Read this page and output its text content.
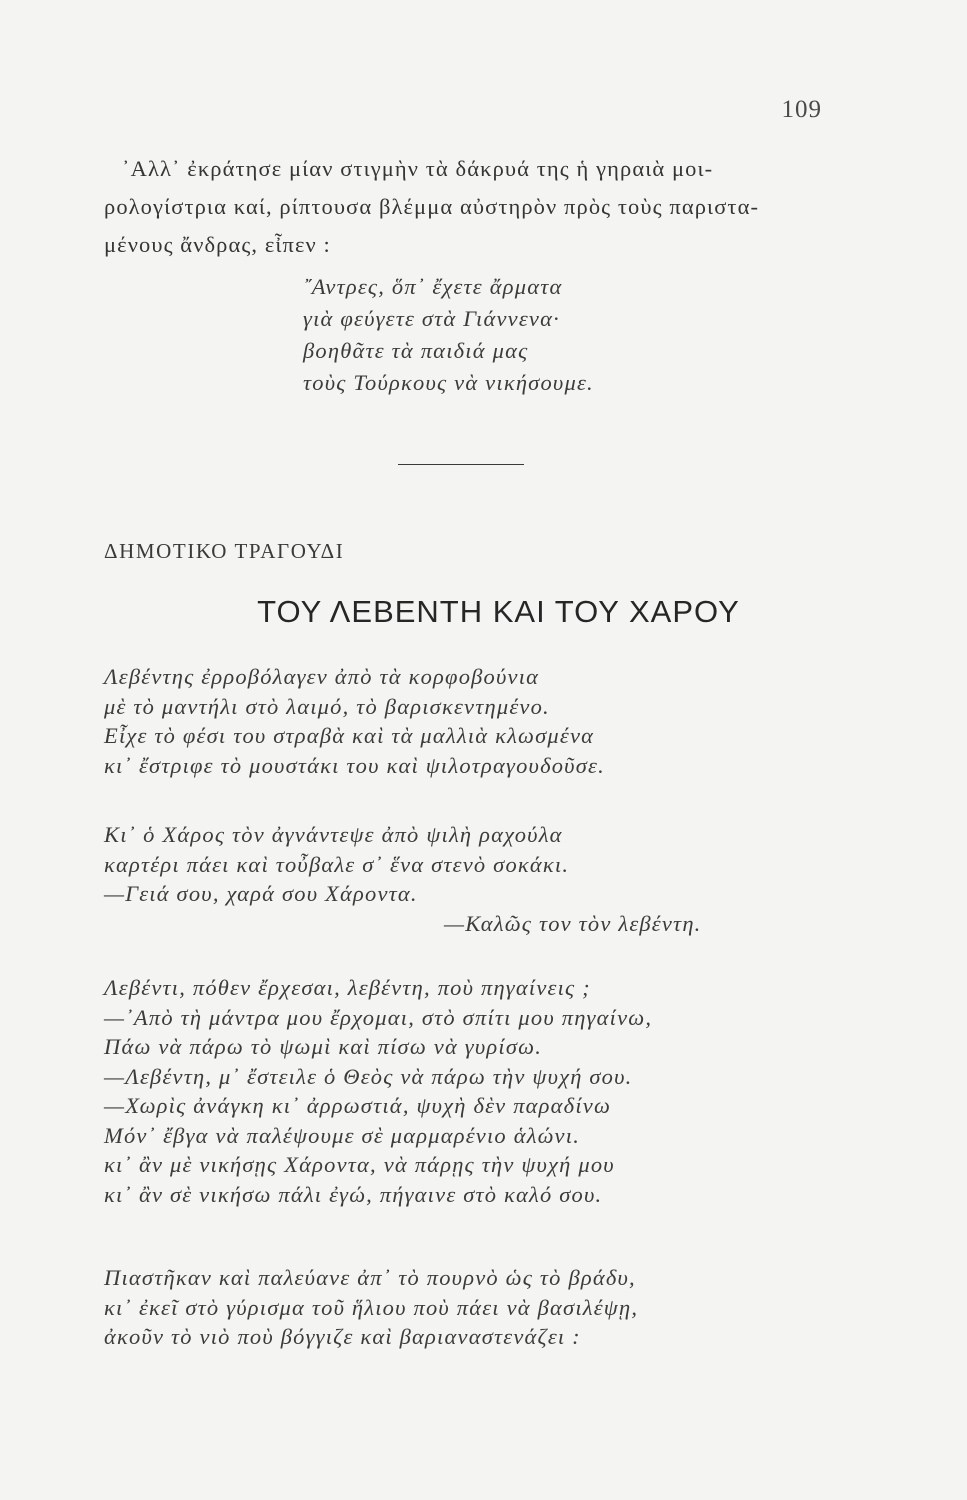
109
᾿Αλλ᾿ ἐκράτησε μίαν στιγμὴν τὰ δάκρυά της ἡ γηραιὰ μοι-
ρολογίστρια καί, ρίπτουσα βλέμμα αὐστηρὸν πρὸς τοὺς παριστα-
μένους ἄνδρας, εἶπεν :
῎Αντρες, ὅπ᾿ ἔχετε ἄρματα
γιὰ φεύγετε στὰ Γιάννενα·
βοηθᾶτε τὰ παιδιά μας
τοὺς Τούρκους νὰ νικήσουμε.
ΔΗΜΟΤΙΚΟ ΤΡΑΓΟΥΔΙ
ΤΟΥ ΛΕΒΕΝΤΗ ΚΑΙ ΤΟΥ ΧΑΡΟΥ
Λεβέντης ἐρροβόλαγεν ἀπὸ τὰ κορφοβούνια
μὲ τὸ μαντήλι στὸ λαιμό, τὸ βαρισκεντημένο.
Εἶχε τὸ φέσι του στραβὰ καὶ τὰ μαλλιὰ κλωσμένα
κι᾿ ἔστριφε τὸ μουστάκι του καὶ ψιλοτραγουδοῦσε.
Κι᾿ ὁ Χάρος τὸν ἀγνάντεψε ἀπὸ ψιλὴ ραχούλα
καρτέρι πάει καὶ τοὖβαλε σ᾿ ἕνα στενὸ σοκάκι.
—Γειά σου, χαρά σου Χάροντα.
—Καλῶς τον τὸν λεβέντη.
Λεβέντι, πόθεν ἔρχεσαι, λεβέντη, ποὺ πηγαίνεις ;
—᾿Απὸ τὴ μάντρα μου ἔρχομαι, στὸ σπίτι μου πηγαίνω,
Πάω νὰ πάρω τὸ ψωμὶ καὶ πίσω νὰ γυρίσω.
—Λεβέντη, μ᾿ ἔστειλε ὁ Θεὸς νὰ πάρω τὴν ψυχή σου.
—Χωρὶς ἀνάγκη κι᾿ ἀρρωστιά, ψυχὴ δὲν παραδίνω
Μόν᾿ ἔβγα νὰ παλέψουμε σὲ μαρμαρένιο ἁλώνι.
κι᾿ ἂν μὲ νικήσῃς Χάροντα, νὰ πάρῃς τὴν ψυχή μου
κι᾿ ἂν σὲ νικήσω πάλι ἐγώ, πήγαινε στὸ καλό σου.
Πιαστῆκαν καὶ παλεύανε ἀπ᾿ τὸ πουρνὸ ὡς τὸ βράδυ,
κι᾿ ἐκεῖ στὸ γύρισμα τοῦ ἥλιου ποὺ πάει νὰ βασιλέψῃ,
ἀκοῦν τὸ νιὸ ποὺ βόγγιζε καὶ βαριαναστενάζει :
